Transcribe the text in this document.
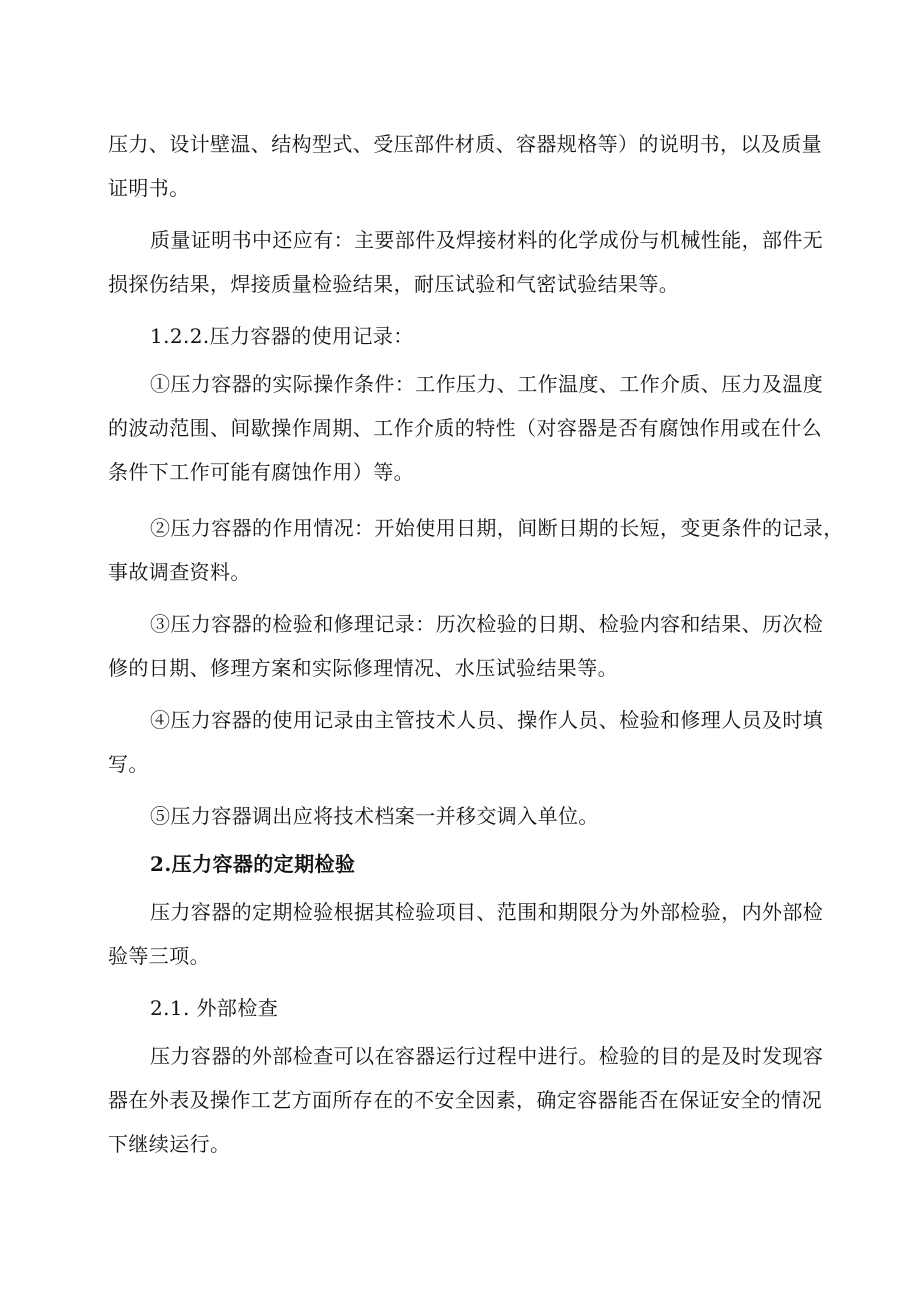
压力、设计壁温、结构型式、受压部件材质、容器规格等）的说明书，以及质量
证明书。
质量证明书中还应有：主要部件及焊接材料的化学成份与机械性能，部件无
损探伤结果，焊接质量检验结果，耐压试验和气密试验结果等。
1.2.2.压力容器的使用记录：
①压力容器的实际操作条件：工作压力、工作温度、工作介质、压力及温度
的波动范围、间歇操作周期、工作介质的特性（对容器是否有腐蚀作用或在什么
条件下工作可能有腐蚀作用）等。
②压力容器的作用情况：开始使用日期，间断日期的长短，变更条件的记录，
事故调查资料。
③压力容器的检验和修理记录：历次检验的日期、检验内容和结果、历次检
修的日期、修理方案和实际修理情况、水压试验结果等。
④压力容器的使用记录由主管技术人员、操作人员、检验和修理人员及时填
写。
⑤压力容器调出应将技术档案一并移交调入单位。
2.压力容器的定期检验
压力容器的定期检验根据其检验项目、范围和期限分为外部检验，内外部检
验等三项。
2.1. 外部检查
压力容器的外部检查可以在容器运行过程中进行。检验的目的是及时发现容
器在外表及操作工艺方面所存在的不安全因素，确定容器能否在保证安全的情况
下继续运行。
